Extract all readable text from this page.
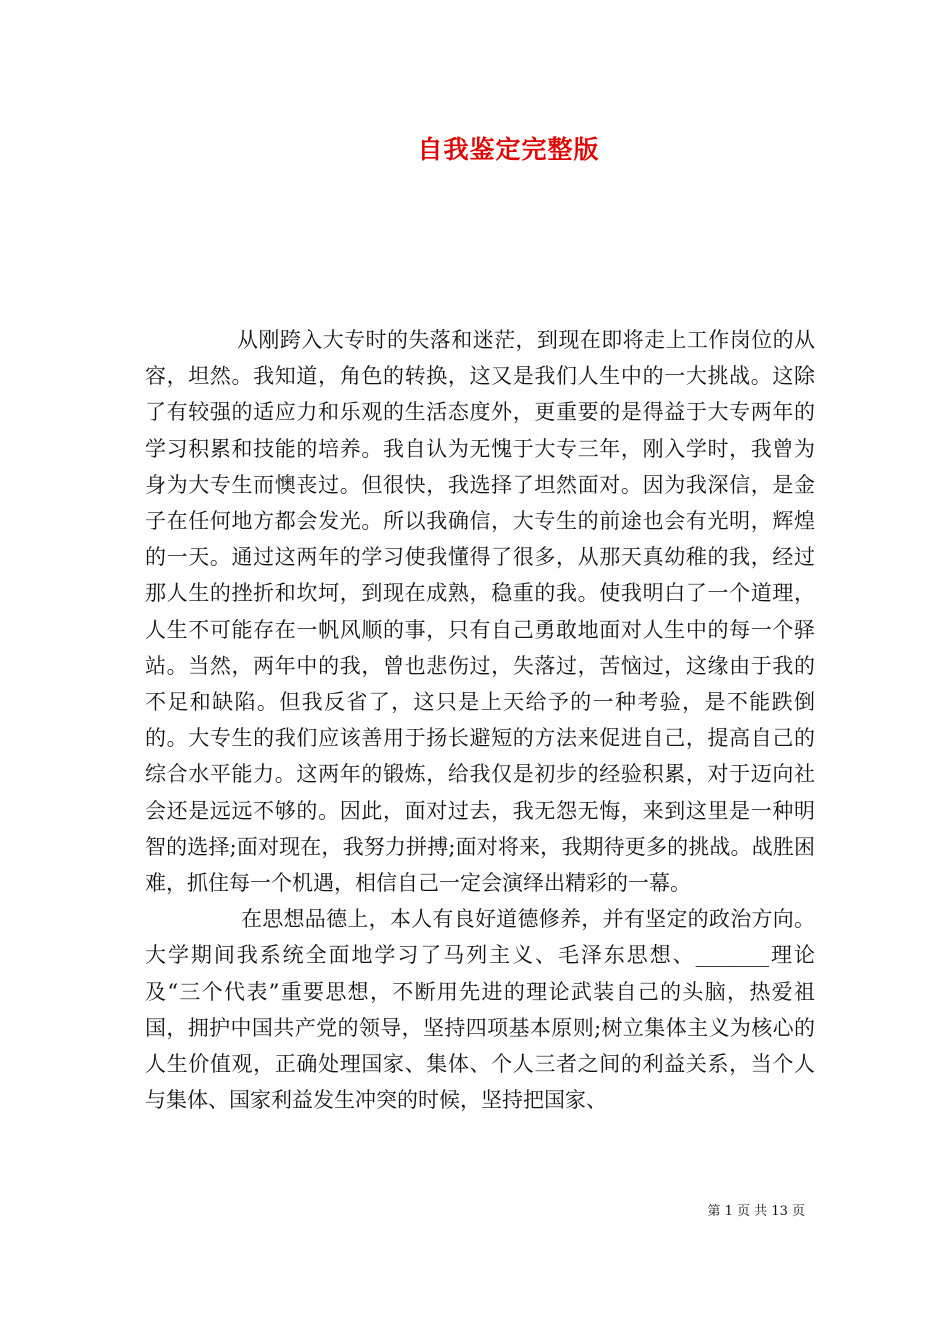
自我鉴定完整版

从刚跨入大专时的失落和迷茫，到现在即将走上工作岗位的从容，坦然。我知道，角色的转换，这又是我们人生中的一大挑战。这除了有较强的适应力和乐观的生活态度外，更重要的是得益于大专两年的学习积累和技能的培养。我自认为无愧于大专三年，刚入学时，我曾为身为大专生而懊丧过。但很快，我选择了坦然面对。因为我深信，是金子在任何地方都会发光。所以我确信，大专生的前途也会有光明，辉煌的一天。通过这两年的学习使我懂得了很多，从那天真幼稚的我，经过那人生的挫折和坎坷，到现在成熟，稳重的我。使我明白了一个道理，人生不可能存在一帆风顺的事，只有自己勇敢地面对人生中的每一个驿站。当然，两年中的我，曾也悲伤过，失落过，苦恼过，这缘由于我的不足和缺陷。但我反省了，这只是上天给予的一种考验，是不能跌倒的。大专生的我们应该善用于扬长避短的方法来促进自己，提高自己的综合水平能力。这两年的锻炼，给我仅是初步的经验积累，对于迈向社会还是远远不够的。因此，面对过去，我无怨无悔，来到这里是一种明智的选择;面对现在，我努力拼搏;面对将来，我期待更多的挑战。战胜困难，抓住每一个机遇，相信自己一定会演绎出精彩的一幕。

在思想品德上，本人有良好道德修养，并有坚定的政治方向。大学期间我系统全面地学习了马列主义、毛泽东思想、_______理论及“三个代表”重要思想，不断用先进的理论武装自己的头脑，热爱祖国，拥护中国共产党的领导，坚持四项基本原则;树立集体主义为核心的人生价值观，正确处理国家、集体、个人三者之间的利益关系，当个人与集体、国家利益发生冲突的时候，坚持把国家、

第 1 页 共 13 页
